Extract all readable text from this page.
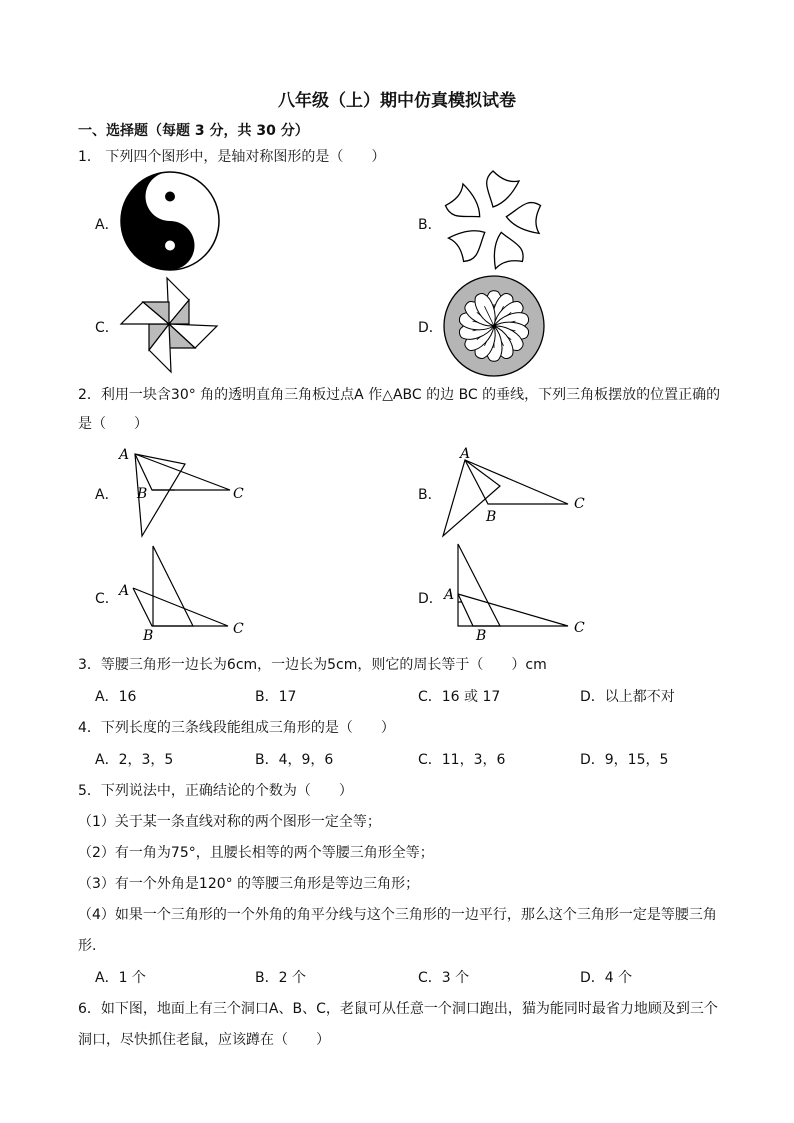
八年级（上）期中仿真模拟试卷
一、选择题（每题 3 分，共 30 分）
1． 下列四个图形中，是轴对称图形的是（　　）
A．	B．
C．	D．
2．利用一块含30° 角的透明直角三角板过点A 作△ABC 的边 BC 的垂线，下列三角板摆放的位置正确的
是（　　）
A．	B．
C．	D．
A
B	C
A
B
C
A
B	C
A
B	C
3．等腰三角形一边长为6cm，一边长为5cm，则它的周长等于（　　）cm
A．16	B．17	C．16 或 17	D．以上都不对
4．下列长度的三条线段能组成三角形的是（　　）
A．2，3，5	B．4，9，6	C．11，3，6	D．9，15，5
5．下列说法中，正确结论的个数为（　　）
（1）关于某一条直线对称的两个图形一定全等；
（2）有一角为75°，且腰长相等的两个等腰三角形全等；
（3）有一个外角是120° 的等腰三角形是等边三角形；
（4）如果一个三角形的一个外角的角平分线与这个三角形的一边平行，那么这个三角形一定是等腰三角
形.
A．1 个	B．2 个	C．3 个	D．4 个
6．如下图，地面上有三个洞口A、B、C，老鼠可从任意一个洞口跑出，猫为能同时最省力地顾及到三个
洞口，尽快抓住老鼠，应该蹲在（　　）
